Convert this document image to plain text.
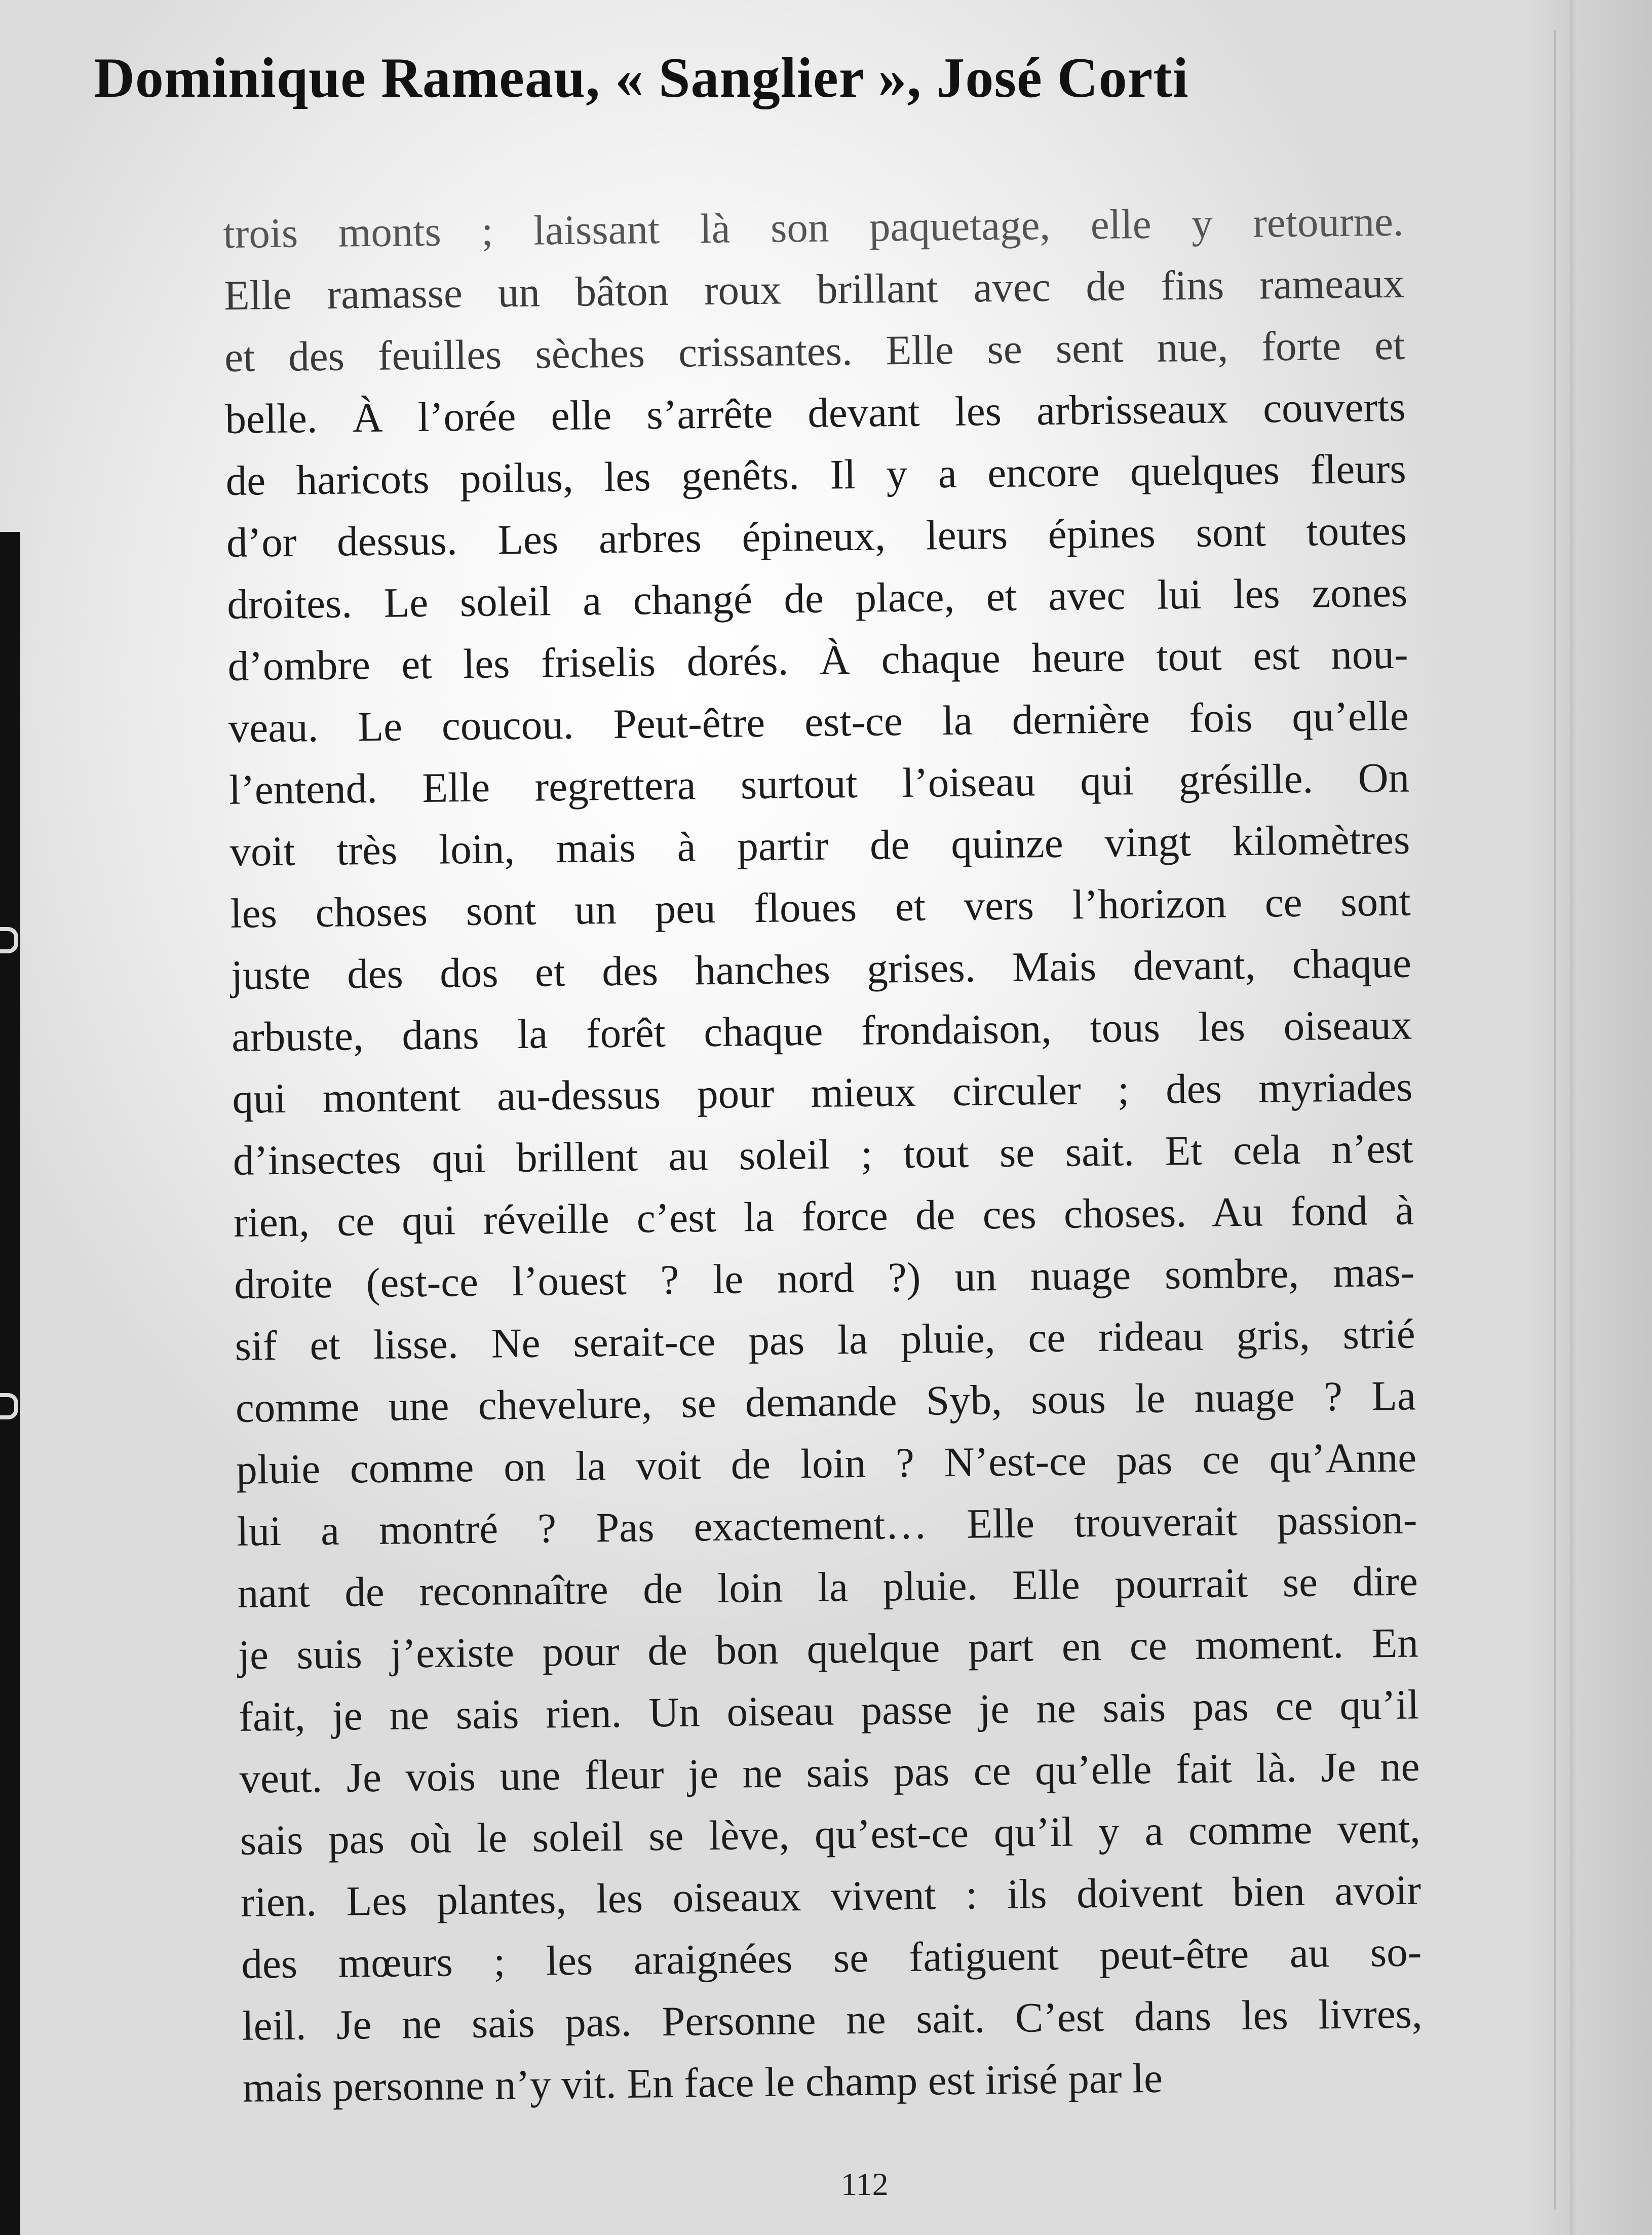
Dominique Rameau, « Sanglier », José Corti
trois monts ; laissant là son paquetage, elle y retourne.
Elle ramasse un bâton roux brillant avec de fins rameaux
et des feuilles sèches crissantes. Elle se sent nue, forte et
belle. À l’orée elle s’arrête devant les arbrisseaux couverts
de haricots poilus, les genêts. Il y a encore quelques fleurs
d’or dessus. Les arbres épineux, leurs épines sont toutes
droites. Le soleil a changé de place, et avec lui les zones
d’ombre et les friselis dorés. À chaque heure tout est nou-
veau. Le coucou. Peut-être est-ce la dernière fois qu’elle
l’entend. Elle regrettera surtout l’oiseau qui grésille. On
voit très loin, mais à partir de quinze vingt kilomètres
les choses sont un peu floues et vers l’horizon ce sont
juste des dos et des hanches grises. Mais devant, chaque
arbuste, dans la forêt chaque frondaison, tous les oiseaux
qui montent au-dessus pour mieux circuler ; des myriades
d’insectes qui brillent au soleil ; tout se sait. Et cela n’est
rien, ce qui réveille c’est la force de ces choses. Au fond à
droite (est-ce l’ouest ? le nord ?) un nuage sombre, mas-
sif et lisse. Ne serait-ce pas la pluie, ce rideau gris, strié
comme une chevelure, se demande Syb, sous le nuage ? La
pluie comme on la voit de loin ? N’est-ce pas ce qu’Anne
lui a montré ? Pas exactement… Elle trouverait passion-
nant de reconnaître de loin la pluie. Elle pourrait se dire
je suis j’existe pour de bon quelque part en ce moment. En
fait, je ne sais rien. Un oiseau passe je ne sais pas ce qu’il
veut. Je vois une fleur je ne sais pas ce qu’elle fait là. Je ne
sais pas où le soleil se lève, qu’est-ce qu’il y a comme vent,
rien. Les plantes, les oiseaux vivent : ils doivent bien avoir
des mœurs ; les araignées se fatiguent peut-être au so-
leil. Je ne sais pas. Personne ne sait. C’est dans les livres,
mais personne n’y vit. En face le champ est irisé par le
112
